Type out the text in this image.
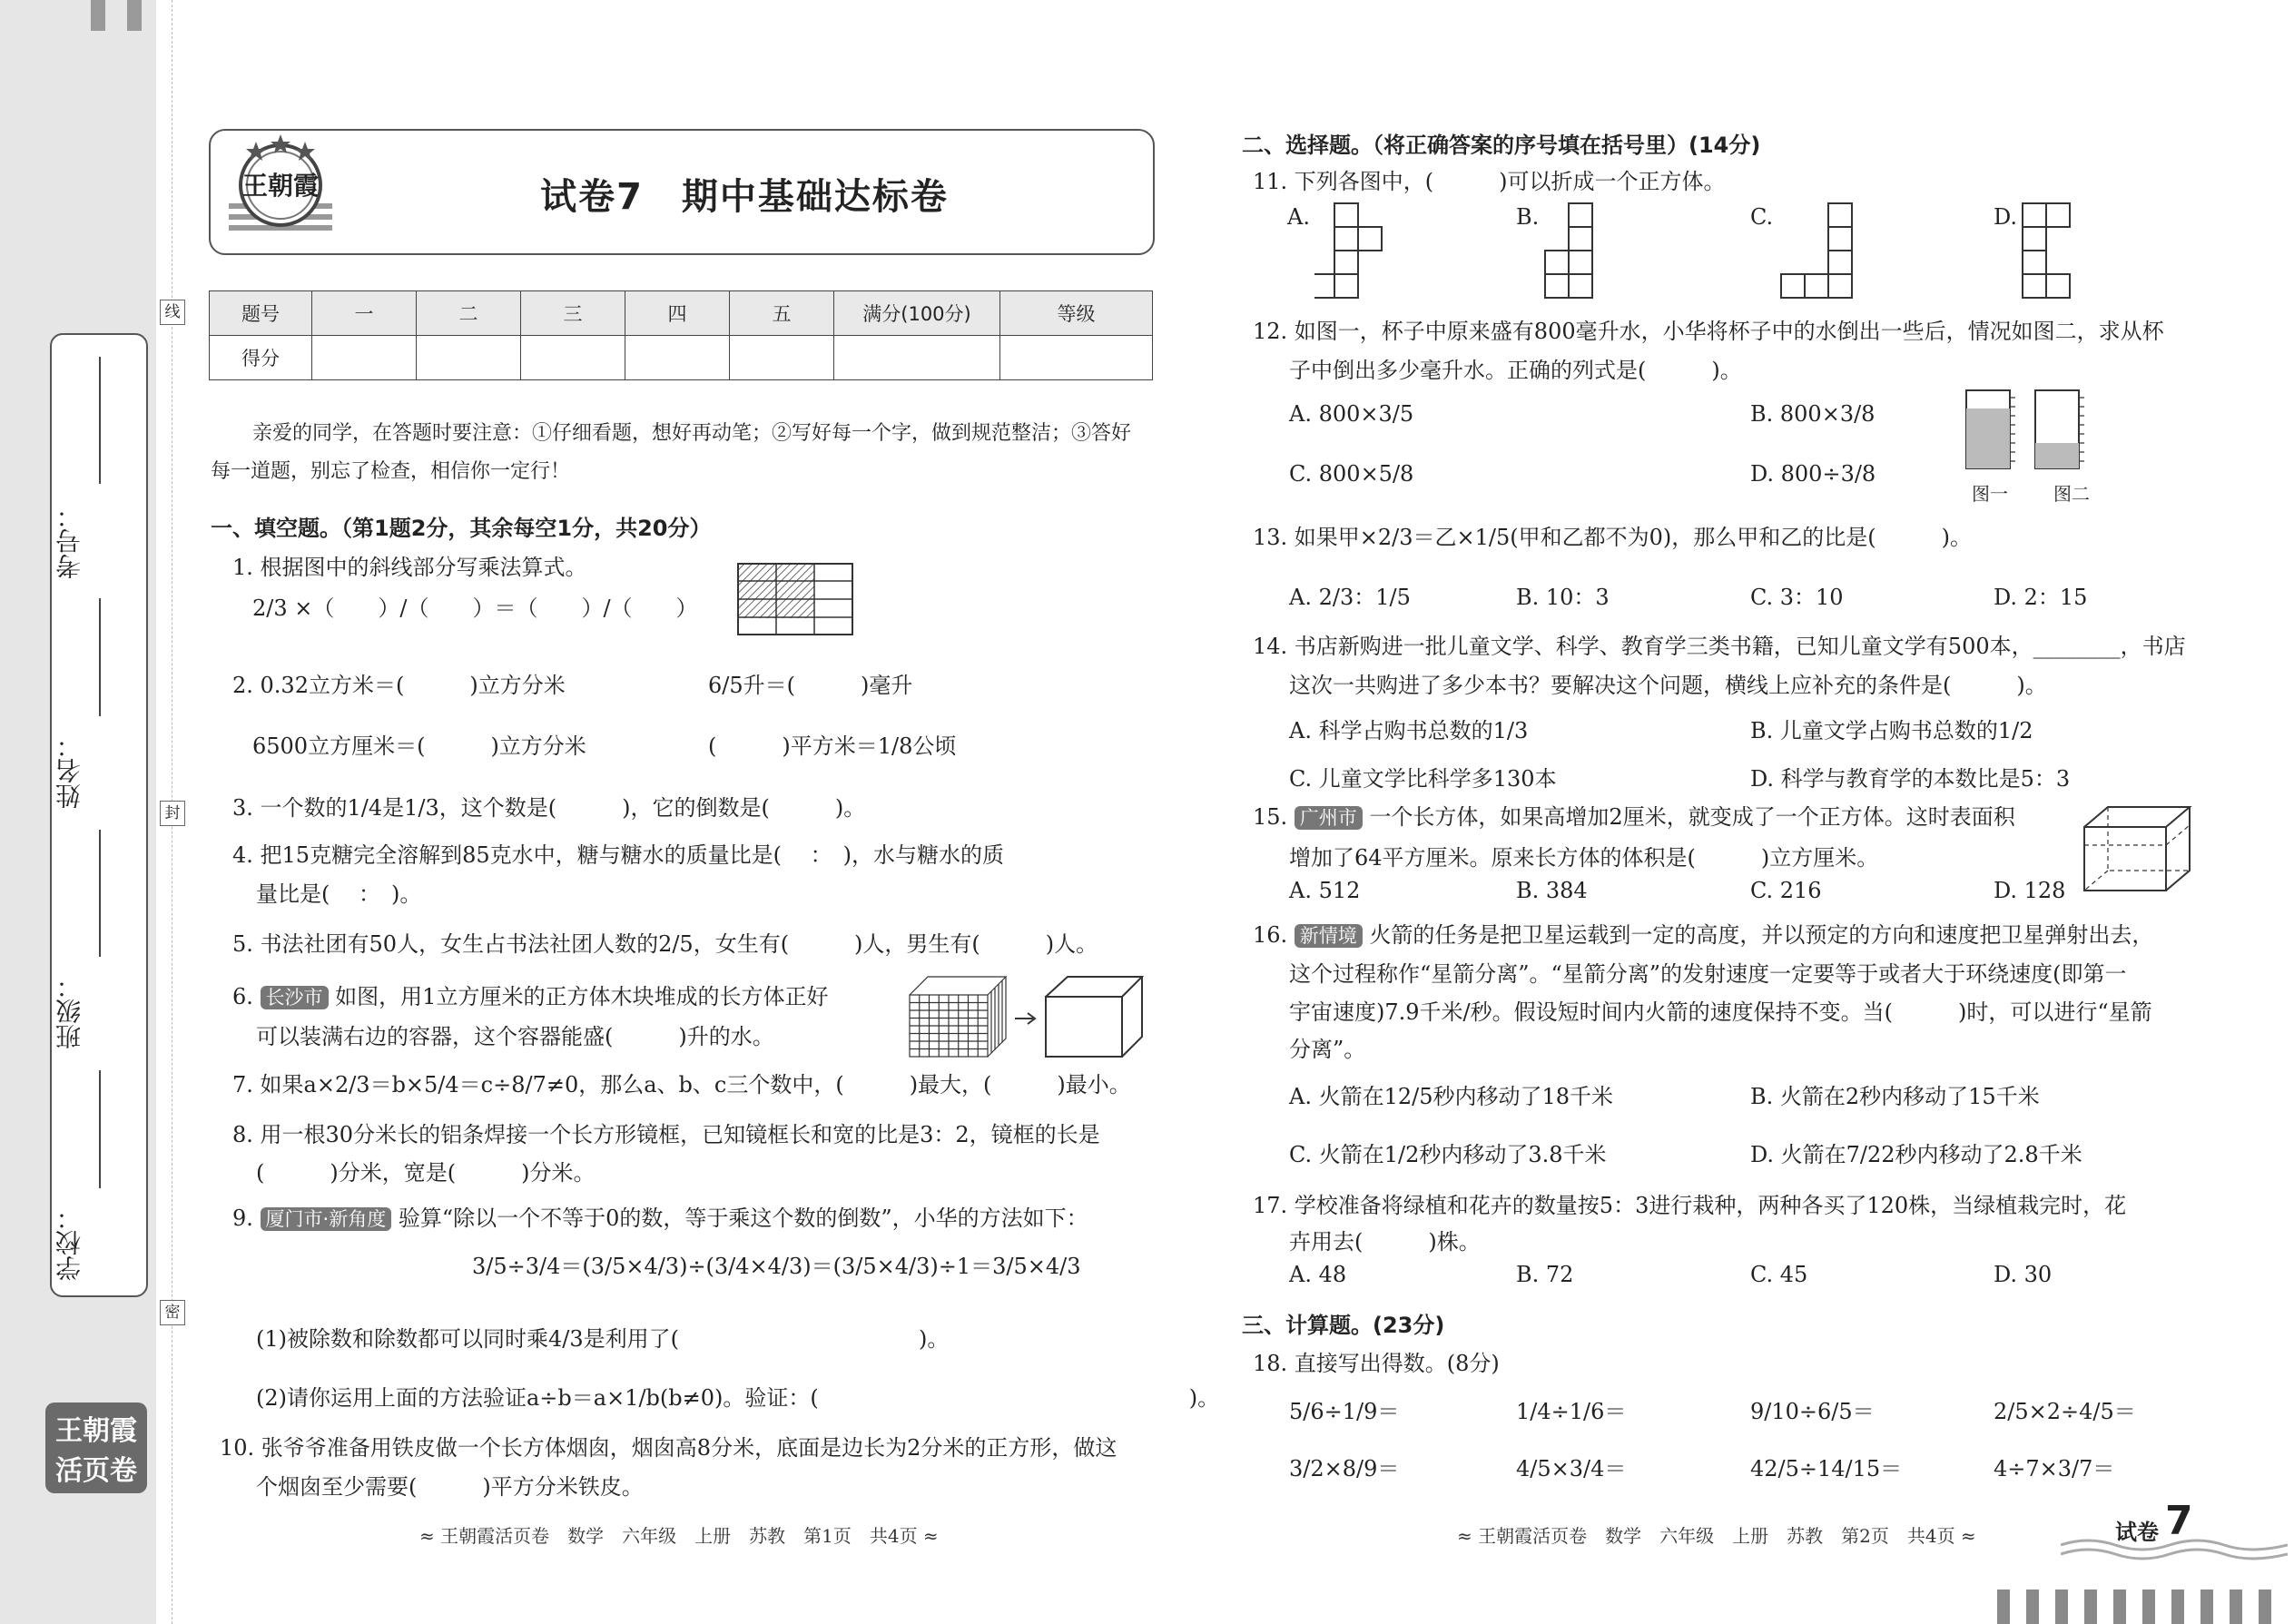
线
封
密
考号：
姓名：
班级：
学校：
王朝霞
活页卷
王朝霞	试卷7　期中基础达标卷
题号	一	二	三	四	五	满分(100分)	等级
得分							
亲爱的同学，在答题时要注意：①仔细看题，想好再动笔；②写好每一个字，做到规范整洁；③答好
每一道题，别忘了检查，相信你一定行！
一、填空题。（第1题2分，其余每空1分，共20分）
1. 根据图中的斜线部分写乘法算式。
2/3 ×（　　）/（　　）＝（　　）/（　　）
2. 0.32立方米＝(　　　)立方分米	6/5升＝(　　　)毫升
6500立方厘米＝(　　　)立方分米	(　　　)平方米＝1/8公顷
3. 一个数的1/4是1/3，这个数是(　　　)，它的倒数是(　　　)。
4. 把15克糖完全溶解到85克水中，糖与糖水的质量比是(　 ：　)，水与糖水的质
量比是(　 ：　)。
5. 书法社团有50人，女生占书法社团人数的2/5，女生有(　　　)人，男生有(　　　)人。
6. 长沙市 如图，用1立方厘米的正方体木块堆成的长方体正好
可以装满右边的容器，这个容器能盛(　　　)升的水。
7. 如果a×2/3＝b×5/4＝c÷8/7≠0，那么a、b、c三个数中，(　　　)最大，(　　　)最小。
8. 用一根30分米长的铝条焊接一个长方形镜框，已知镜框长和宽的比是3：2，镜框的长是
(　　　)分米，宽是(　　　)分米。
9. 厦门市·新角度 验算“除以一个不等于0的数，等于乘这个数的倒数”，小华的方法如下：
3/5÷3/4＝(3/5×4/3)÷(3/4×4/3)＝(3/5×4/3)÷1＝3/5×4/3
(1)被除数和除数都可以同时乘4/3是利用了(　　　　　　　　　　　)。
(2)请你运用上面的方法验证a÷b＝a×1/b(b≠0)。验证：(　　　　　　　　　　　　　　　　　)。
10. 张爷爷准备用铁皮做一个长方体烟囱，烟囱高8分米，底面是边长为2分米的正方形，做这
个烟囱至少需要(　　　)平方分米铁皮。
≈ 王朝霞活页卷　数学　六年级　上册　苏教　第1页　共4页 ≈
二、选择题。（将正确答案的序号填在括号里）(14分)
11. 下列各图中，(　　　)可以折成一个正方体。
A.	B.	C.	D.
12. 如图一，杯子中原来盛有800毫升水，小华将杯子中的水倒出一些后，情况如图二，求从杯
子中倒出多少毫升水。正确的列式是(　　　)。
A. 800×3/5	B. 800×3/8
C. 800×5/8	D. 800÷3/8
图一	图二
13. 如果甲×2/3＝乙×1/5(甲和乙都不为0)，那么甲和乙的比是(　　　)。
A. 2/3：1/5	B. 10：3	C. 3：10	D. 2：15
14. 书店新购进一批儿童文学、科学、教育学三类书籍，已知儿童文学有500本，________，书店
这次一共购进了多少本书？要解决这个问题，横线上应补充的条件是(　　　)。
A. 科学占购书总数的1/3	B. 儿童文学占购书总数的1/2
C. 儿童文学比科学多130本	D. 科学与教育学的本数比是5：3
15. 广州市 一个长方体，如果高增加2厘米，就变成了一个正方体。这时表面积
增加了64平方厘米。原来长方体的体积是(　　　)立方厘米。
A. 512	B. 384	C. 216	D. 128
16. 新情境 火箭的任务是把卫星运载到一定的高度，并以预定的方向和速度把卫星弹射出去，
这个过程称作“星箭分离”。“星箭分离”的发射速度一定要等于或者大于环绕速度(即第一
宇宙速度)7.9千米/秒。假设短时间内火箭的速度保持不变。当(　　　)时，可以进行“星箭
分离”。
A. 火箭在12/5秒内移动了18千米	B. 火箭在2秒内移动了15千米
C. 火箭在1/2秒内移动了3.8千米	D. 火箭在7/22秒内移动了2.8千米
17. 学校准备将绿植和花卉的数量按5：3进行栽种，两种各买了120株，当绿植栽完时，花
卉用去(　　　)株。
A. 48	B. 72	C. 45	D. 30
三、计算题。(23分)
18. 直接写出得数。(8分)
5/6÷1/9＝	1/4÷1/6＝	9/10÷6/5＝	2/5×2÷4/5＝
3/2×8/9＝	4/5×3/4＝	42/5÷14/15＝	4÷7×3/7＝
≈ 王朝霞活页卷　数学　六年级　上册　苏教　第2页　共4页 ≈	试卷 7
